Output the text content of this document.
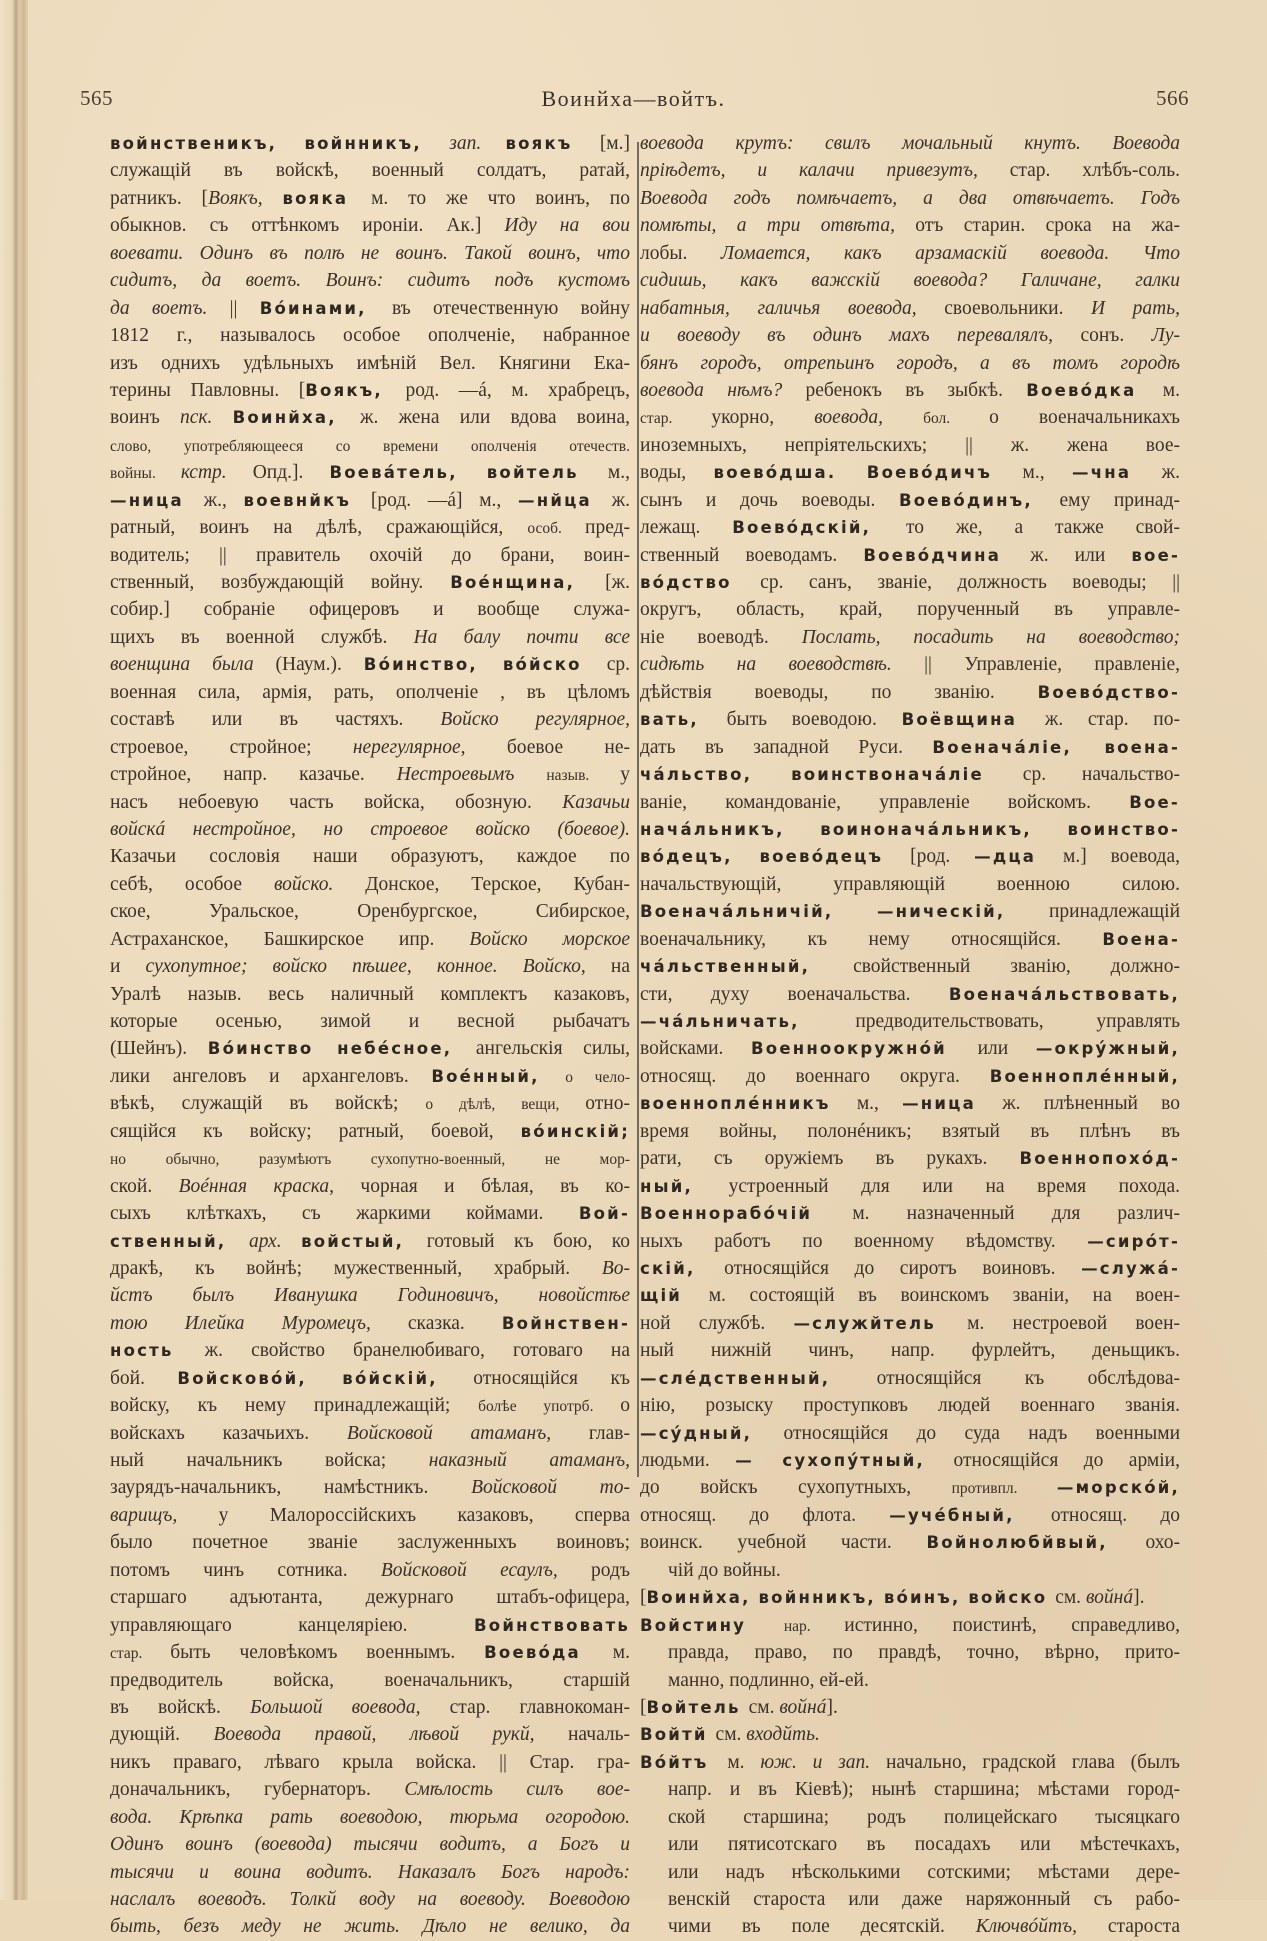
565	Воинйха—войтъ.	566
войнственикъ, войнникъ, зап. воякъ [м.]
служащій въ войскѣ, военный солдатъ, ратай,
ратникъ. [Воякъ, вояка м. то же что воинъ, по
обыкнов. съ оттѣнкомъ ироніи. Ак.] Иду на вои
воевати. Одинъ въ полѣ не воинъ. Такой воинъ, что
сидитъ, да воетъ. Воинъ: сидитъ подъ кустомъ
да воетъ. || Вóинами, въ отечественную войну
1812 г., называлось особое ополченіе, набранное
изъ однихъ удѣльныхъ имѣній Вел. Княгини Ека-
терины Павловны. [Воякъ, род. —á, м. храбрецъ,
воинъ пск. Воинйха, ж. жена или вдова воина,
слово, употребляющееся со времени ополченія отечеств.
войны. кстр. Опд.]. Воевáтель, войтель м.,
—ница ж., воевнйкъ [род. —á] м., —нйца ж.
ратный, воинъ на дѣлѣ, сражающійся, особ. пред-
водитель; || правитель охочій до брани, воин-
ственный, возбуждающій войну. Воéнщина, [ж.
собир.] собраніе офицеровъ и вообще служа-
щихъ въ военной службѣ. На балу почти все
военщина была (Наум.). Вóинство, вóйско ср.
военная сила, армія, рать, ополченіе , въ цѣломъ
составѣ или въ частяхъ. Войско регулярное,
строевое, стройное; нерегулярное, боевое не-
стройное, напр. казачье. Нестроевымъ назыв. у
насъ небоевую часть войска, обозную. Казачьи
войскá нестройное, но строевое войско (боевое).
Казачьи сословія наши образуютъ, каждое по
себѣ, особое войско. Донское, Терское, Кубан-
ское, Уральское, Оренбургское, Сибирское,
Астраханское, Башкирское ипр. Войско морское
и сухопутное; войско пѣшее, конное. Войско, на
Уралѣ назыв. весь наличный комплектъ казаковъ,
которые осенью, зимой и весной рыбачатъ
(Шейнъ). Вóинство небéсное, ангельскія силы,
лики ангеловъ и архангеловъ. Воéнный, о чело-
вѣкѣ, служащій въ войскѣ; о дѣлѣ, вещи, отно-
сящійся къ войску; ратный, боевой, вóинскій;
но обычно, разумѣютъ сухопутно-военный, не мор-
ской. Воéнная краска, чорная и бѣлая, въ ко-
сыхъ клѣткахъ, съ жаркими коймами. Вой-
ственный, арх. войстый, готовый къ бою, ко
дракѣ, къ войнѣ; мужественный, храбрый. Во-
йстъ былъ Иванушка Годиновичъ, новойстѣе
тою Илейка Муромецъ, сказка. Войнствен-
ность ж. свойство бранелюбиваго, готоваго на
бой. Войсковóй, вóйскій, относящійся къ
войску, къ нему принадлежащій; болѣе употрб. о
войскахъ казачьихъ. Войсковой атаманъ, глав-
ный начальникъ войска; наказный атаманъ,
заурядъ-начальникъ, намѣстникъ. Войсковой то-
варищъ, у Малороссійскихъ казаковъ, сперва
было почетное званіе заслуженныхъ воиновъ;
потомъ чинъ сотника. Войсковой есаулъ, родъ
старшаго адъютанта, дежурнаго штабъ-офицера,
управляющаго канцеляріею. Войнствовать
стар. быть человѣкомъ военнымъ. Воевóда м.
предводитель войска, военачальникъ, старшій
въ войскѣ. Большой воевода, стар. главнокоман-
дующій. Воевода правой, лѣвой рукй, началь-
никъ праваго, лѣваго крыла войска. || Стар. гра-
доначальникъ, губернаторъ. Смѣлость силъ вое-
вода. Крѣпка рать воеводою, тюрьма огородою.
Одинъ воинъ (воевода) тысячи водитъ, а Богъ и
тысячи и воина водитъ. Наказалъ Богъ народъ:
наслалъ воеводъ. Толкй воду на воеводу. Воеводою
быть, безъ меду не жить. Дѣло не велико, да
воевода крутъ: свилъ мочальный кнутъ. Воевода
пріѣдетъ, и калачи привезутъ, стар. хлѣбъ-соль.
Воевода годъ помѣчаетъ, а два отвѣчаетъ. Годъ
помѣты, а три отвѣта, отъ старин. срока на жа-
лобы. Ломается, какъ арзамаскій воевода. Что
сидишь, какъ важскій воевода? Галичане, галки
набатныя, галичья воевода, своевольники. И рать,
и воеводу въ одинъ махъ перевалялъ, сонъ. Лу-
бянъ городъ, отрепьинъ городъ, а въ томъ городѣ
воевода нѣмъ? ребенокъ въ зыбкѣ. Воевóдка м.
стар. укорно, воевода, бол. о военачальникахъ
иноземныхъ, непріятельскихъ; || ж. жена вое-
воды, воевóдша. Воевóдичъ м., —чна ж.
сынъ и дочь воеводы. Воевóдинъ, ему принад-
лежащ. Воевóдскій, то же, а также свой-
ственный воеводамъ. Воевóдчина ж. или вое-
вóдство ср. санъ, званіе, должность воеводы; ||
округъ, область, край, порученный въ управле-
ніе воеводѣ. Послать, посадить на воеводство;
сидѣть на воеводствѣ. || Управленіе, правленіе,
дѣйствія воеводы, по званію. Воевóдство-
вать, быть воеводою. Воёвщина ж. стар. по-
дать въ западной Руси. Военачáліе, воена-
чáльство, воинствоначáліе ср. начальство-
ваніе, командованіе, управленіе войскомъ. Вое-
начáльникъ, воиноначáльникъ, воинство-
вóдецъ, воевóдецъ [род. —дца м.] воевода,
начальствующій, управляющій военною силою.
Военачáльничій, —ническій, принадлежащій
военачальнику, къ нему относящійся. Воена-
чáльственный, свойственный званію, должно-
сти, духу военачальства. Военачáльствовать,
—чáльничать, предводительствовать, управлять
войсками. Военноокружнóй или —окрýжный,
относящ. до военнаго округа. Военноплéнный,
военноплéнникъ м., —ница ж. плѣненный во
время войны, полонéникъ; взятый въ плѣнъ въ
рати, съ оружіемъ въ рукахъ. Военнопохóд-
ный, устроенный для или на время похода.
Военнорабóчій м. назначенный для различ-
ныхъ работъ по военному вѣдомству. —сирóт-
скій, относящійся до сиротъ воиновъ. —служá-
щій м. состоящій въ воинскомъ званіи, на воен-
ной службѣ. —служйтель м. нестроевой воен-
ный нижній чинъ, напр. фурлейтъ, деньщикъ.
—слéдственный, относящійся къ обслѣдова-
нію, розыску проступковъ людей военнаго званія.
—сýдный, относящійся до суда надъ военными
людьми. — сухопýтный, относящійся до арміи,
до войскъ сухопутныхъ, противпл. —морскóй,
относящ. до флота. —учéбный, относящ. до
воинск. учебной части. Войнолюбйвый, охо-
чій до войны.
[Воинйха, войнникъ, вóинъ, войско см. войнá].
Войстину нар. истинно, поистинѣ, справедливо,
правда, право, по правдѣ, точно, вѣрно, прито-
манно, подлинно, ей-ей.
[Войтель см. войнá].
Войтй см. входйть.
Вóйтъ м. юж. и зап. начально, градской глава (былъ
напр. и въ Кіевѣ); нынѣ старшина; мѣстами город-
ской старшина; родъ полицейскаго тысяцкаго
или пятисотскаго въ посадахъ или мѣстечкахъ,
или надъ нѣсколькими сотскими; мѣстами дере-
венскій староста или даже наряжонный съ рабо-
чими въ поле десятскій. Ключвóйтъ, староста
